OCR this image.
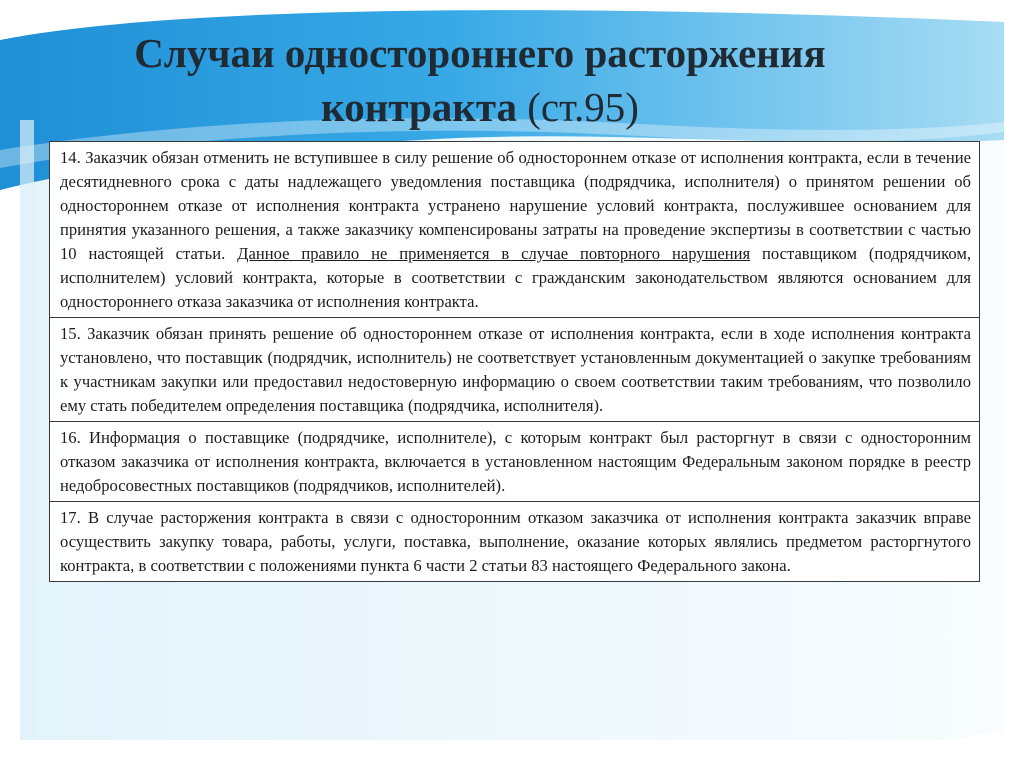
Случаи одностороннего расторжения
контракта (ст.95)
14. Заказчик обязан отменить не вступившее в силу решение об одностороннем отказе от исполнения контракта, если в течение десятидневного срока с даты надлежащего уведомления поставщика (подрядчика, исполнителя) о принятом решении об одностороннем отказе от исполнения контракта устранено нарушение условий контракта, послужившее основанием для принятия указанного решения, а также заказчику компенсированы затраты на проведение экспертизы в соответствии с частью 10 настоящей статьи. Данное правило не применяется в случае повторного нарушения поставщиком (подрядчиком, исполнителем) условий контракта, которые в соответствии с гражданским законодательством являются основанием для одностороннего отказа заказчика от исполнения контракта.
15. Заказчик обязан принять решение об одностороннем отказе от исполнения контракта, если в ходе исполнения контракта установлено, что поставщик (подрядчик, исполнитель) не соответствует установленным документацией о закупке требованиям к участникам закупки или предоставил недостоверную информацию о своем соответствии таким требованиям, что позволило ему стать победителем определения поставщика (подрядчика, исполнителя).
16. Информация о поставщике (подрядчике, исполнителе), с которым контракт был расторгнут в связи с односторонним отказом заказчика от исполнения контракта, включается в установленном настоящим Федеральным законом порядке в реестр недобросовестных поставщиков (подрядчиков, исполнителей).
17. В случае расторжения контракта в связи с односторонним отказом заказчика от исполнения контракта заказчик вправе осуществить закупку товара, работы, услуги, поставка, выполнение, оказание которых являлись предметом расторгнутого контракта, в соответствии с положениями пункта 6 части 2 статьи 83 настоящего Федерального закона.
